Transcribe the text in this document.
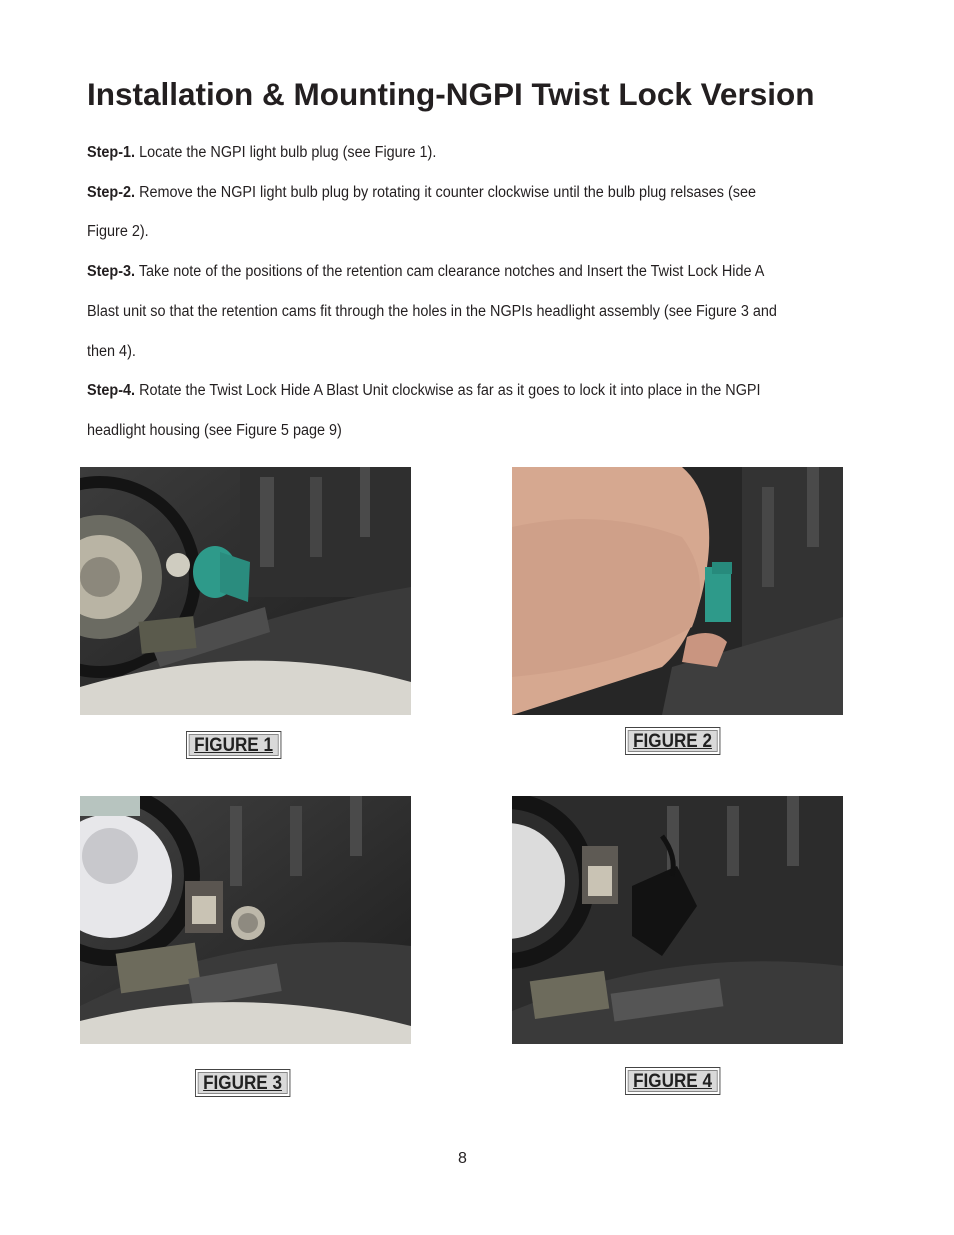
Installation & Mounting-NGPI Twist Lock Version

Step-1. Locate the NGPI light bulb plug (see Figure 1).

Step-2. Remove the NGPI light bulb plug by rotating it counter clockwise until the bulb plug relsases (see Figure 2).

Step-3. Take note of the positions of the retention cam clearance notches and Insert the Twist Lock Hide A Blast unit so that the retention cams fit through the holes in the NGPIs headlight assembly (see Figure 3 and then 4).

Step-4. Rotate the Twist Lock Hide A Blast Unit clockwise as far as it goes to lock it into place in the NGPI headlight housing (see Figure 5 page 9)

FIGURE 1	FIGURE 2
FIGURE 3	FIGURE 4
8
